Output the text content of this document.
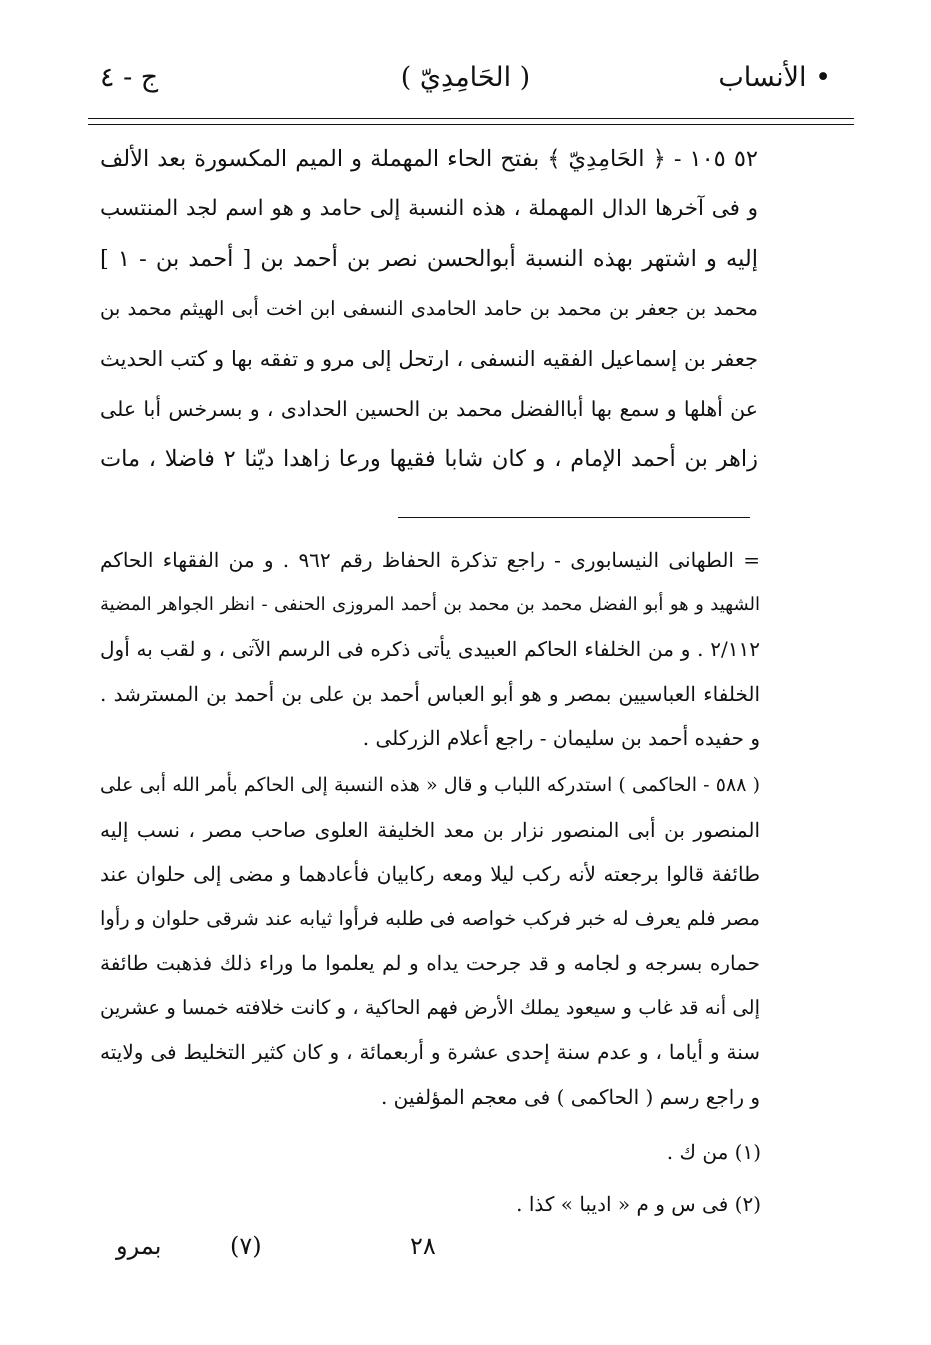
• الأنساب
( الحَامِدِيّ )
ج - ٤
٥٢ ١٠٥ - ﴿ الحَامِدِيّ ﴾ بفتح الحاء المهملة و الميم المكسورة بعد الألف
و فى آخرها الدال المهملة ، هذه النسبة إلى حامد و هو اسم لجد المنتسب
إليه و اشتهر بهذه النسبة أبوالحسن نصر بن أحمد بن [ أحمد بن - ١ ]
محمد بن جعفر بن محمد بن حامد الحامدى النسفى ابن اخت أبى الهيثم محمد بن
جعفر بن إسماعيل الفقيه النسفى ، ارتحل إلى مرو و تفقه بها و كتب الحديث
عن أهلها و سمع بها أباالفضل محمد بن الحسين الحدادى ، و بسرخس أبا على
زاهر بن أحمد الإمام ، و كان شابا فقيها ورعا زاهدا ديّنا ٢ فاضلا ، مات
= الطهانى النيسابورى - راجع تذكرة الحفاظ رقم ٩٦٢ . و من الفقهاء الحاكم
الشهيد و هو أبو الفضل محمد بن محمد بن أحمد المروزى الحنفى - انظر الجواهر المضية
٢/١١٢ . و من الخلفاء الحاكم العبيدى يأتى ذكره فى الرسم الآتى ، و لقب به أول
الخلفاء العباسيين بمصر و هو أبو العباس أحمد بن على بن أحمد بن المسترشد .
و حفيده أحمد بن سليمان - راجع أعلام الزركلى .
( ٥٨٨ - الحاكمى ) استدركه اللباب و قال « هذه النسبة إلى الحاكم بأمر الله أبى على
المنصور بن أبى المنصور نزار بن معد الخليفة العلوى صاحب مصر ، نسب إليه
طائفة قالوا برجعته لأنه ركب ليلا ومعه ركابيان فأعادهما و مضى إلى حلوان عند
مصر فلم يعرف له خبر فركب خواصه فى طلبه فرأوا ثيابه عند شرقى حلوان و رأوا
حماره بسرجه و لجامه و قد جرحت يداه و لم يعلموا ما وراء ذلك فذهبت طائفة
إلى أنه قد غاب و سيعود يملك الأرض فهم الحاكية ، و كانت خلافته خمسا و عشرين
سنة و أياما ، و عدم سنة إحدى عشرة و أربعمائة ، و كان كثير التخليط فى ولايته
و راجع رسم ( الحاكمى ) فى معجم المؤلفين .
(١) من ك .
(٢) فى س و م « اديبا » كذا .
بمرو	(٧)	٢٨
